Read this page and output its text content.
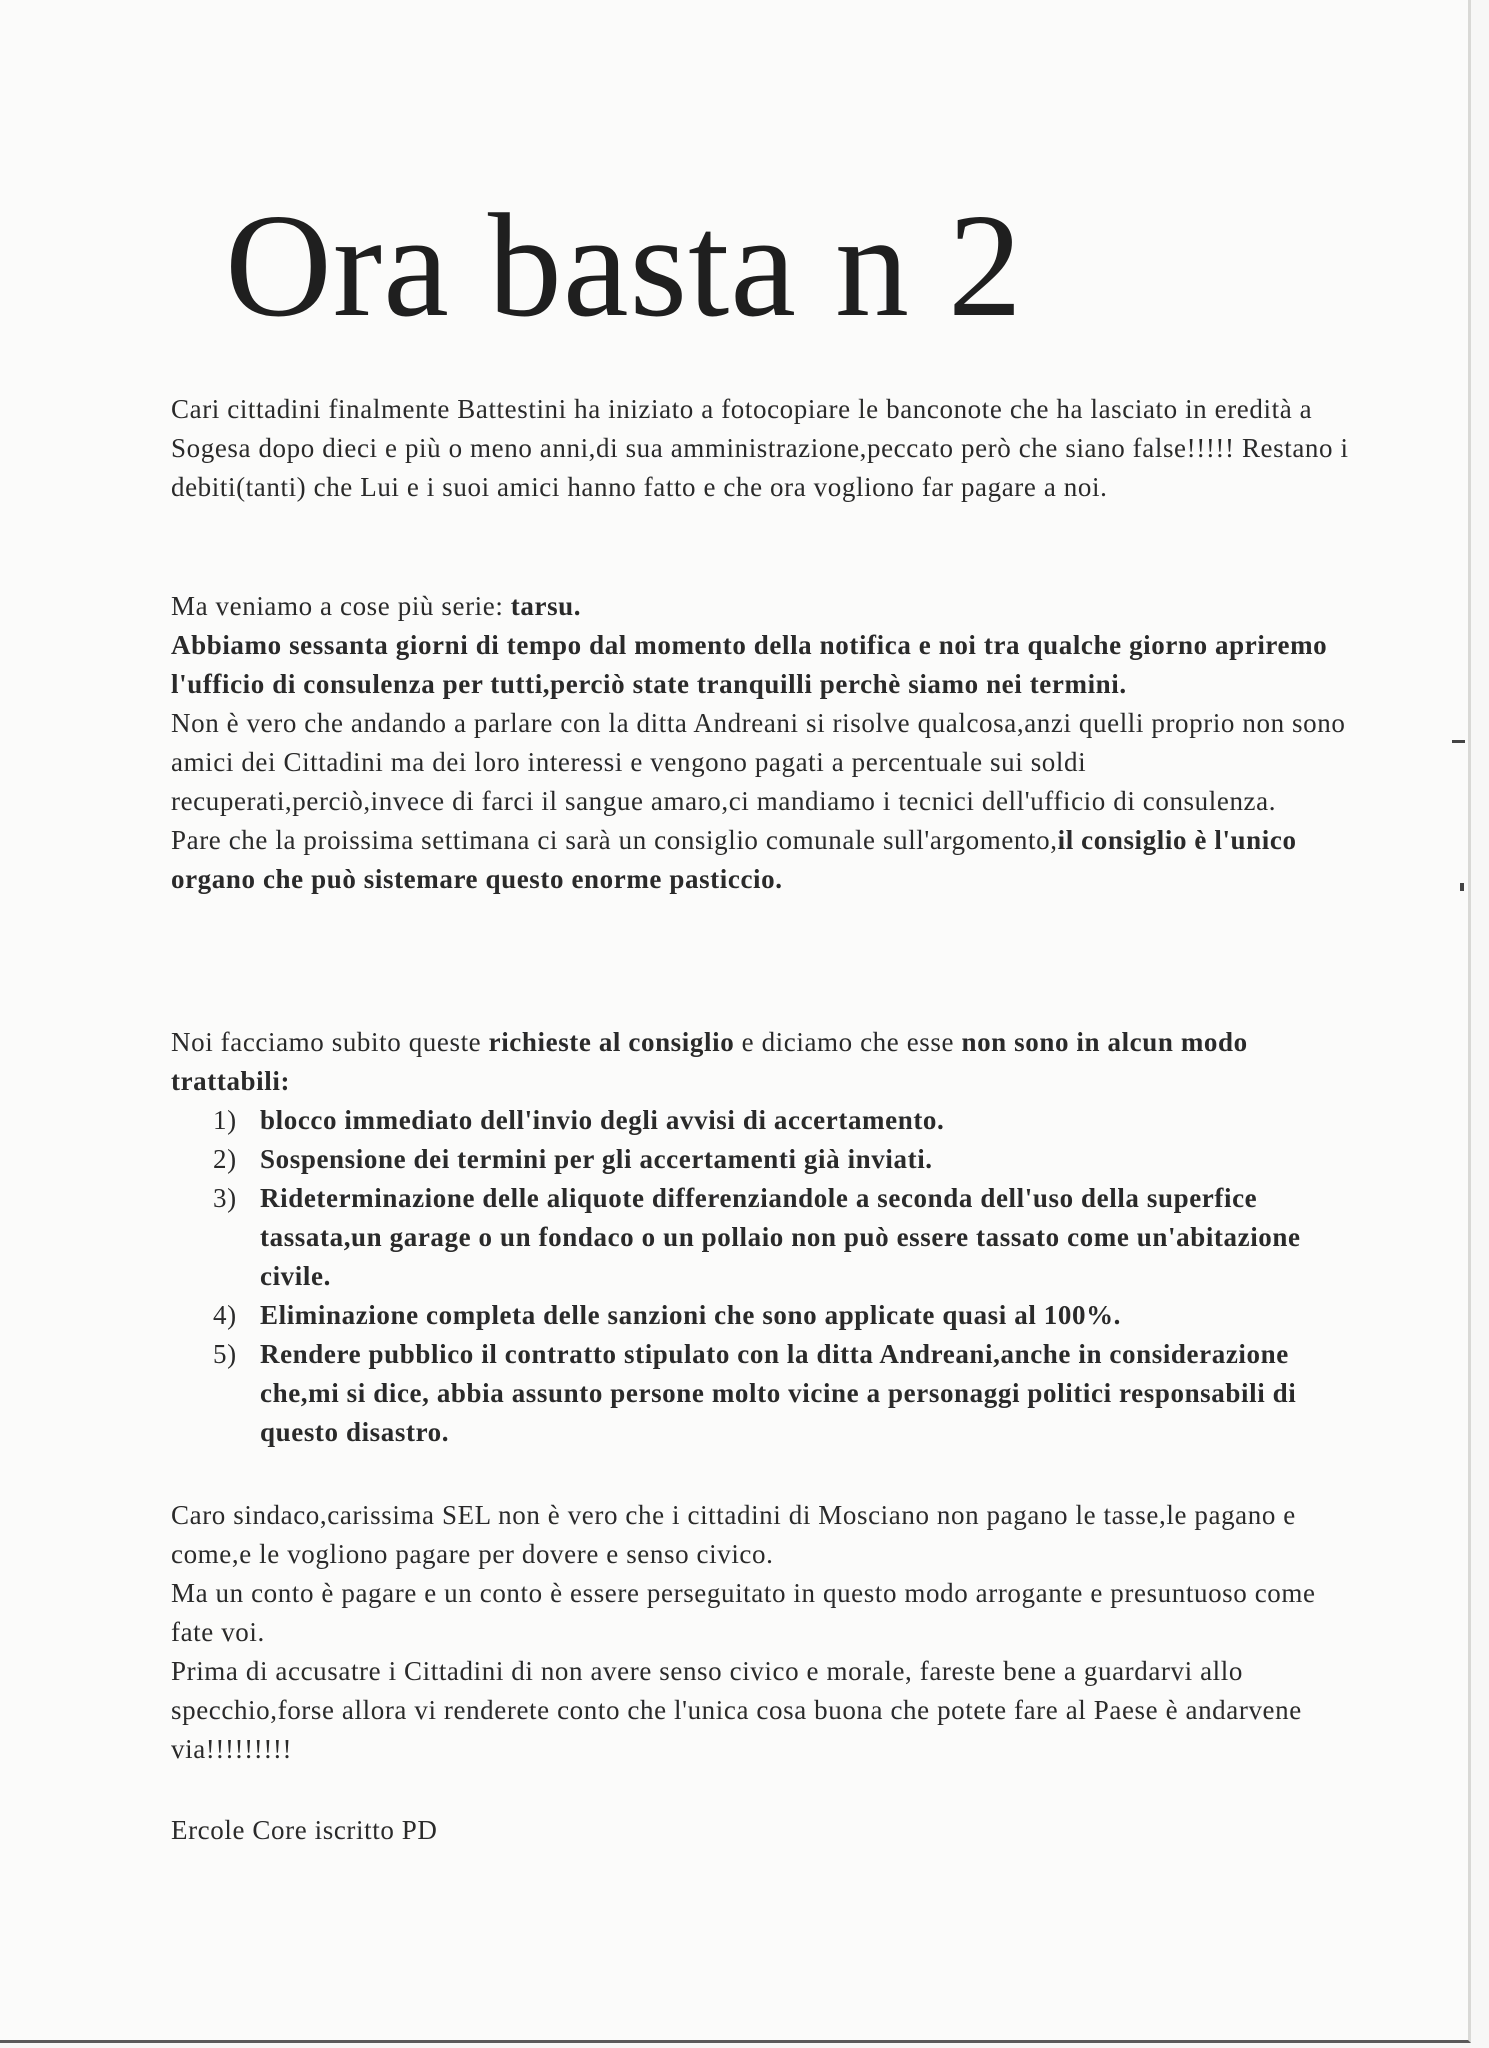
Ora basta n 2

Cari cittadini finalmente Battestini ha iniziato a fotocopiare le banconote che ha lasciato in eredità a Sogesa dopo dieci e più o meno anni,di sua amministrazione,peccato però che siano false!!!!! Restano i debiti(tanti) che Lui e i suoi amici hanno fatto e che ora vogliono far pagare a noi.

Ma veniamo a cose più serie: tarsu.
Abbiamo sessanta giorni di tempo dal momento della notifica e noi tra qualche giorno apriremo l'ufficio di consulenza per tutti,perciò state tranquilli perchè siamo nei termini.
Non è vero che andando a parlare con la ditta Andreani si risolve qualcosa,anzi quelli proprio non sono amici dei Cittadini ma dei loro interessi e vengono pagati a percentuale sui soldi recuperati,perciò,invece di farci il sangue amaro,ci mandiamo i tecnici dell'ufficio di consulenza.
Pare che la proissima settimana ci sarà un consiglio comunale sull'argomento,il consiglio è l'unico organo che può sistemare questo enorme pasticcio.

Noi facciamo subito queste richieste al consiglio e diciamo che esse non sono in alcun modo trattabili:

1) blocco immediato dell'invio degli avvisi di accertamento.
2) Sospensione dei termini per gli accertamenti già inviati.
3) Rideterminazione delle aliquote differenziandole a seconda dell'uso della superfice tassata,un garage o un fondaco o un pollaio non può essere tassato come un'abitazione civile.
4) Eliminazione completa delle sanzioni che sono applicate quasi al 100%.
5) Rendere pubblico il contratto stipulato con la ditta Andreani,anche in considerazione che,mi si dice, abbia assunto persone molto vicine a personaggi politici responsabili di questo disastro.
Caro sindaco,carissima SEL non è vero che i cittadini di Mosciano non pagano le tasse,le pagano e come,e le vogliono pagare per dovere e senso civico.
Ma un conto è pagare e un conto è essere perseguitato in questo modo arrogante e presuntuoso come fate voi.
Prima di accusatre i Cittadini di non avere senso civico e morale, fareste bene a guardarvi allo specchio,forse allora vi renderete conto che l'unica cosa buona che potete fare al Paese è andarvene via!!!!!!!!!
Ercole Core iscritto PD
